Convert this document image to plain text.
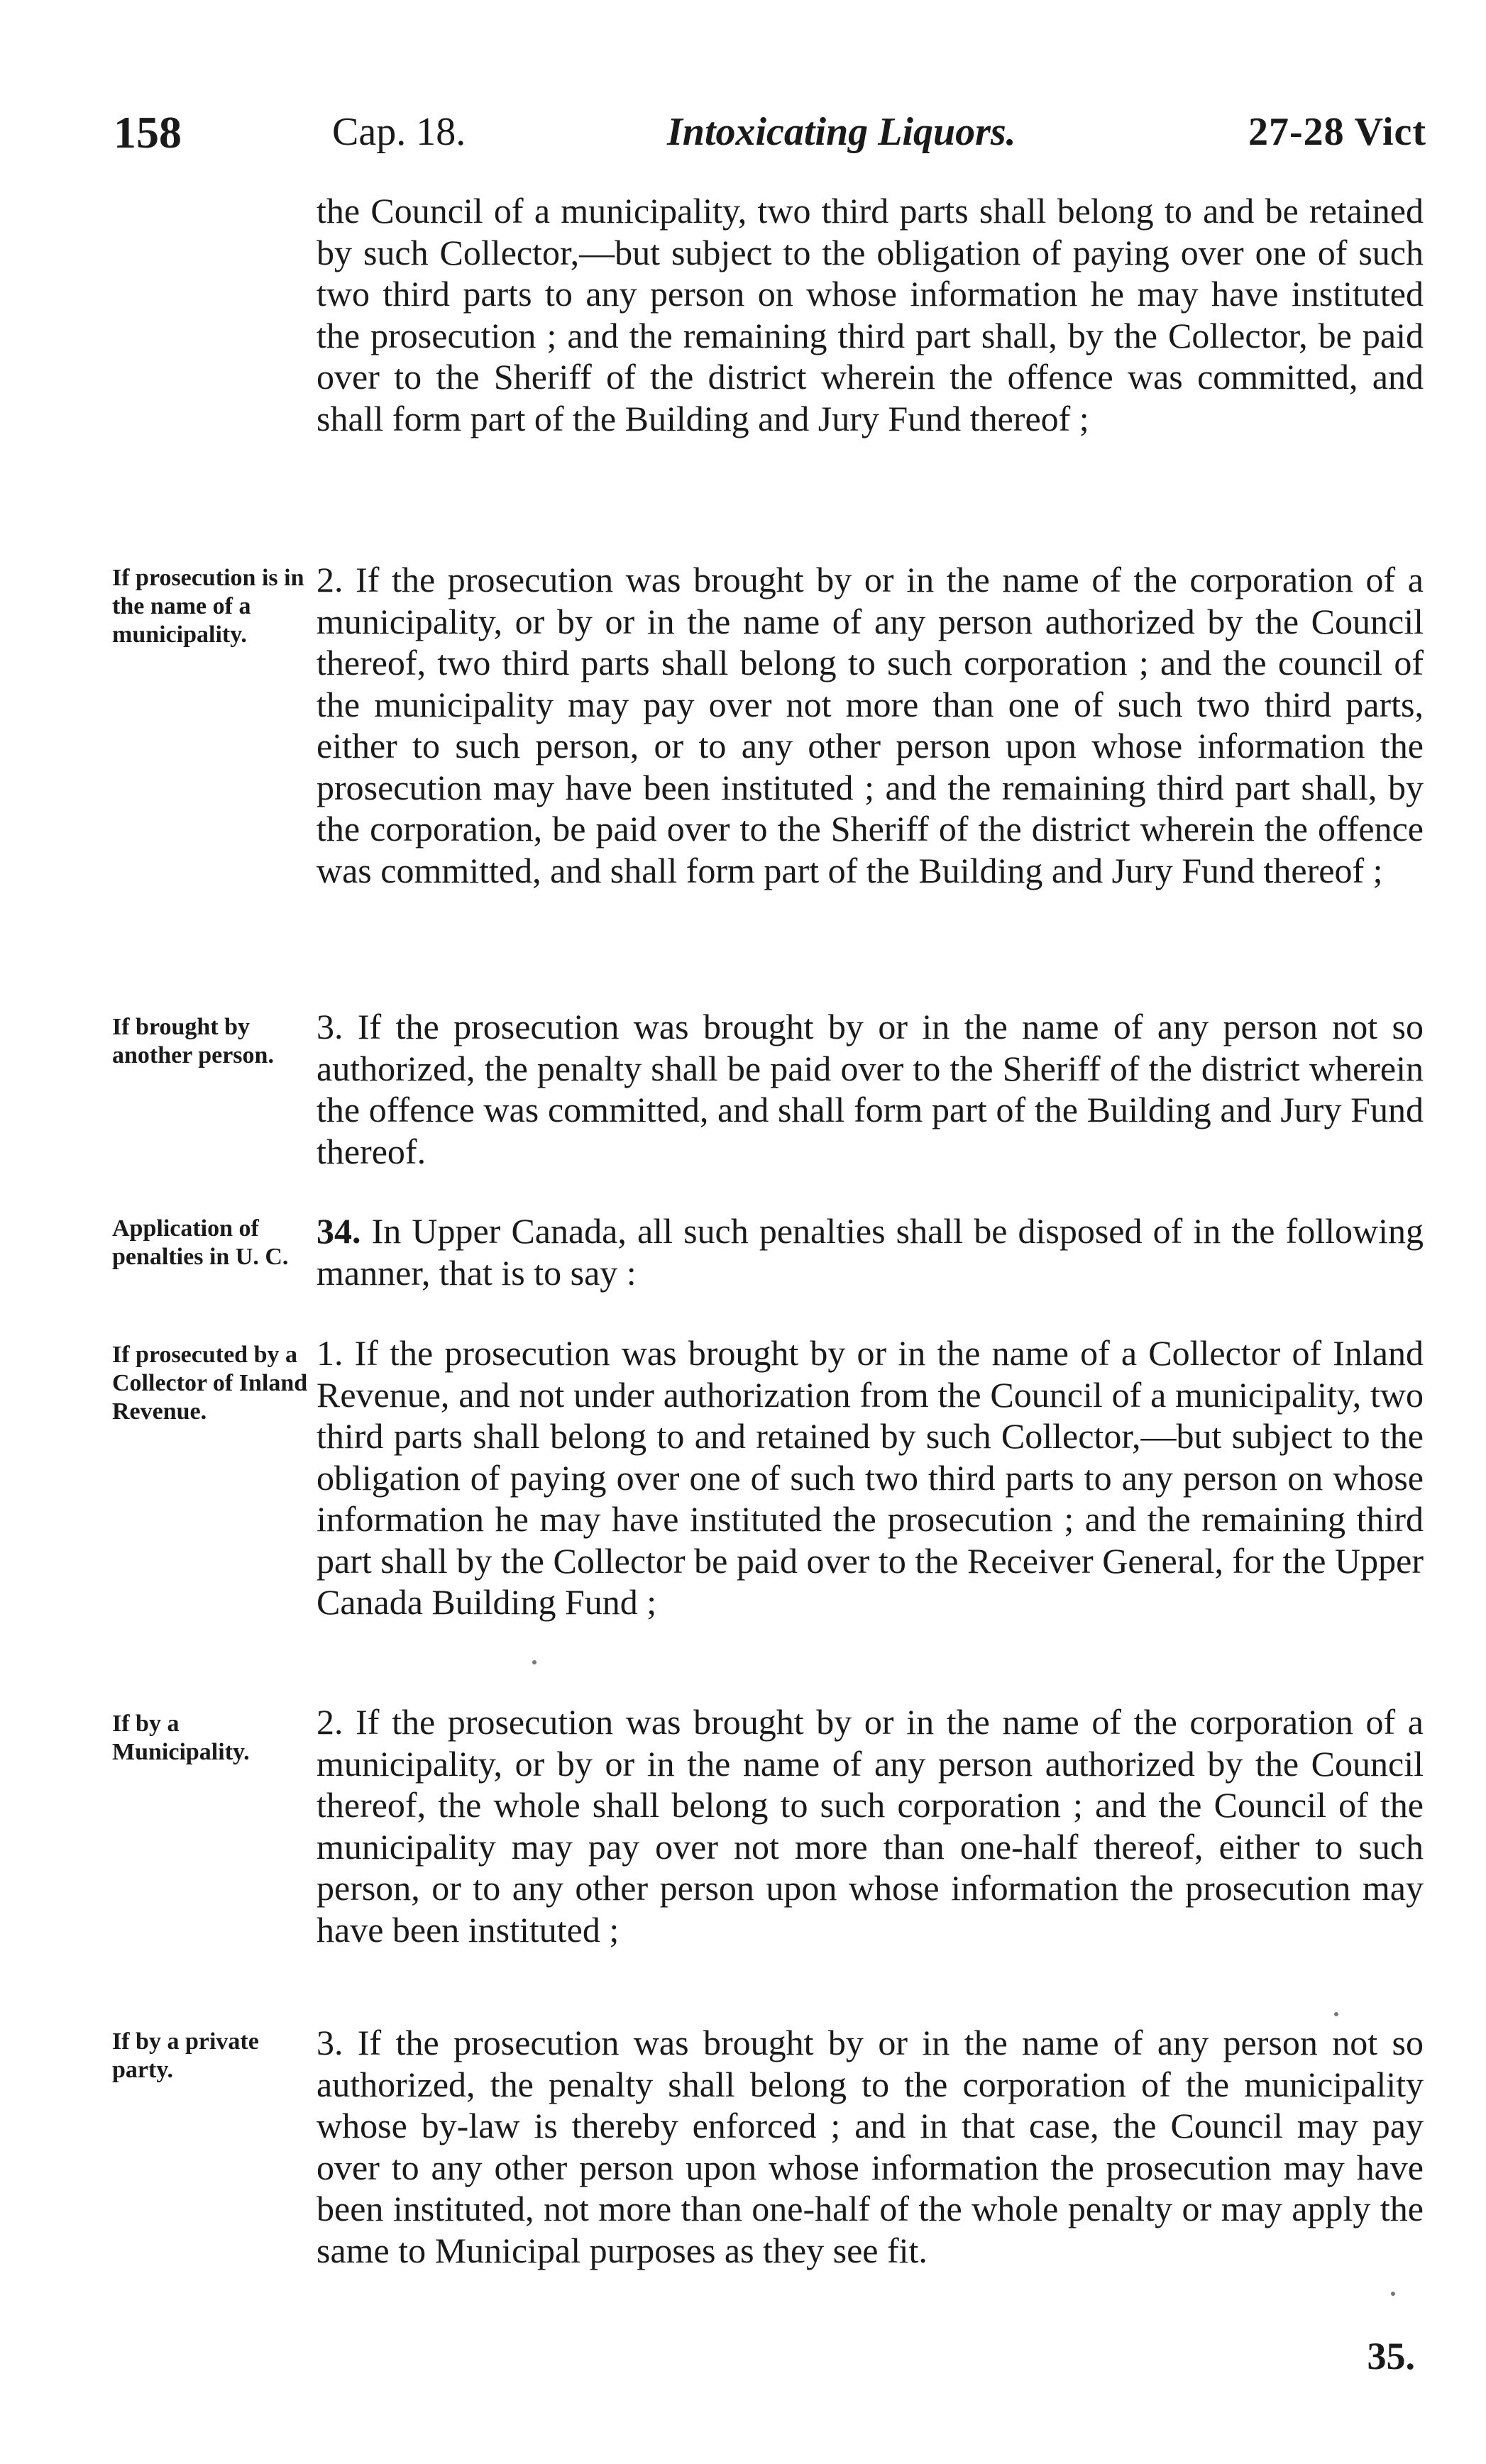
158	Cap. 18.	Intoxicating Liquors.	27-28 Vict

the Council of a municipality, two third parts shall belong to and be retained by such Collector,—but subject to the obligation of paying over one of such two third parts to any person on whose information he may have instituted the prosecution ; and the remaining third part shall, by the Collector, be paid over to the Sheriff of the district wherein the offence was committed, and shall form part of the Building and Jury Fund thereof ;

If prosecution is in the name of a municipality.

2. If the prosecution was brought by or in the name of the corporation of a municipality, or by or in the name of any person authorized by the Council thereof, two third parts shall belong to such corporation ; and the council of the municipality may pay over not more than one of such two third parts, either to such person, or to any other person upon whose information the prosecution may have been instituted ; and the remaining third part shall, by the corporation, be paid over to the Sheriff of the district wherein the offence was committed, and shall form part of the Building and Jury Fund thereof ;

If brought by another person.

3. If the prosecution was brought by or in the name of any person not so authorized, the penalty shall be paid over to the Sheriff of the district wherein the offence was committed, and shall form part of the Building and Jury Fund thereof.

Application of penalties in U. C.

34. In Upper Canada, all such penalties shall be disposed of in the following manner, that is to say :

If prosecuted by a Collector of Inland Revenue.

1. If the prosecution was brought by or in the name of a Collector of Inland Revenue, and not under authorization from the Council of a municipality, two third parts shall belong to and retained by such Collector,—but subject to the obligation of paying over one of such two third parts to any person on whose information he may have instituted the prosecution ; and the remaining third part shall by the Collector be paid over to the Receiver General, for the Upper Canada Building Fund ;

If by a Municipality.

2. If the prosecution was brought by or in the name of the corporation of a municipality, or by or in the name of any person authorized by the Council thereof, the whole shall belong to such corporation ; and the Council of the municipality may pay over not more than one-half thereof, either to such person, or to any other person upon whose information the prosecution may have been instituted ;

If by a private party.

3. If the prosecution was brought by or in the name of any person not so authorized, the penalty shall belong to the corporation of the municipality whose by-law is thereby enforced ; and in that case, the Council may pay over to any other person upon whose information the prosecution may have been instituted, not more than one-half of the whole penalty or may apply the same to Municipal purposes as they see fit.

35.
